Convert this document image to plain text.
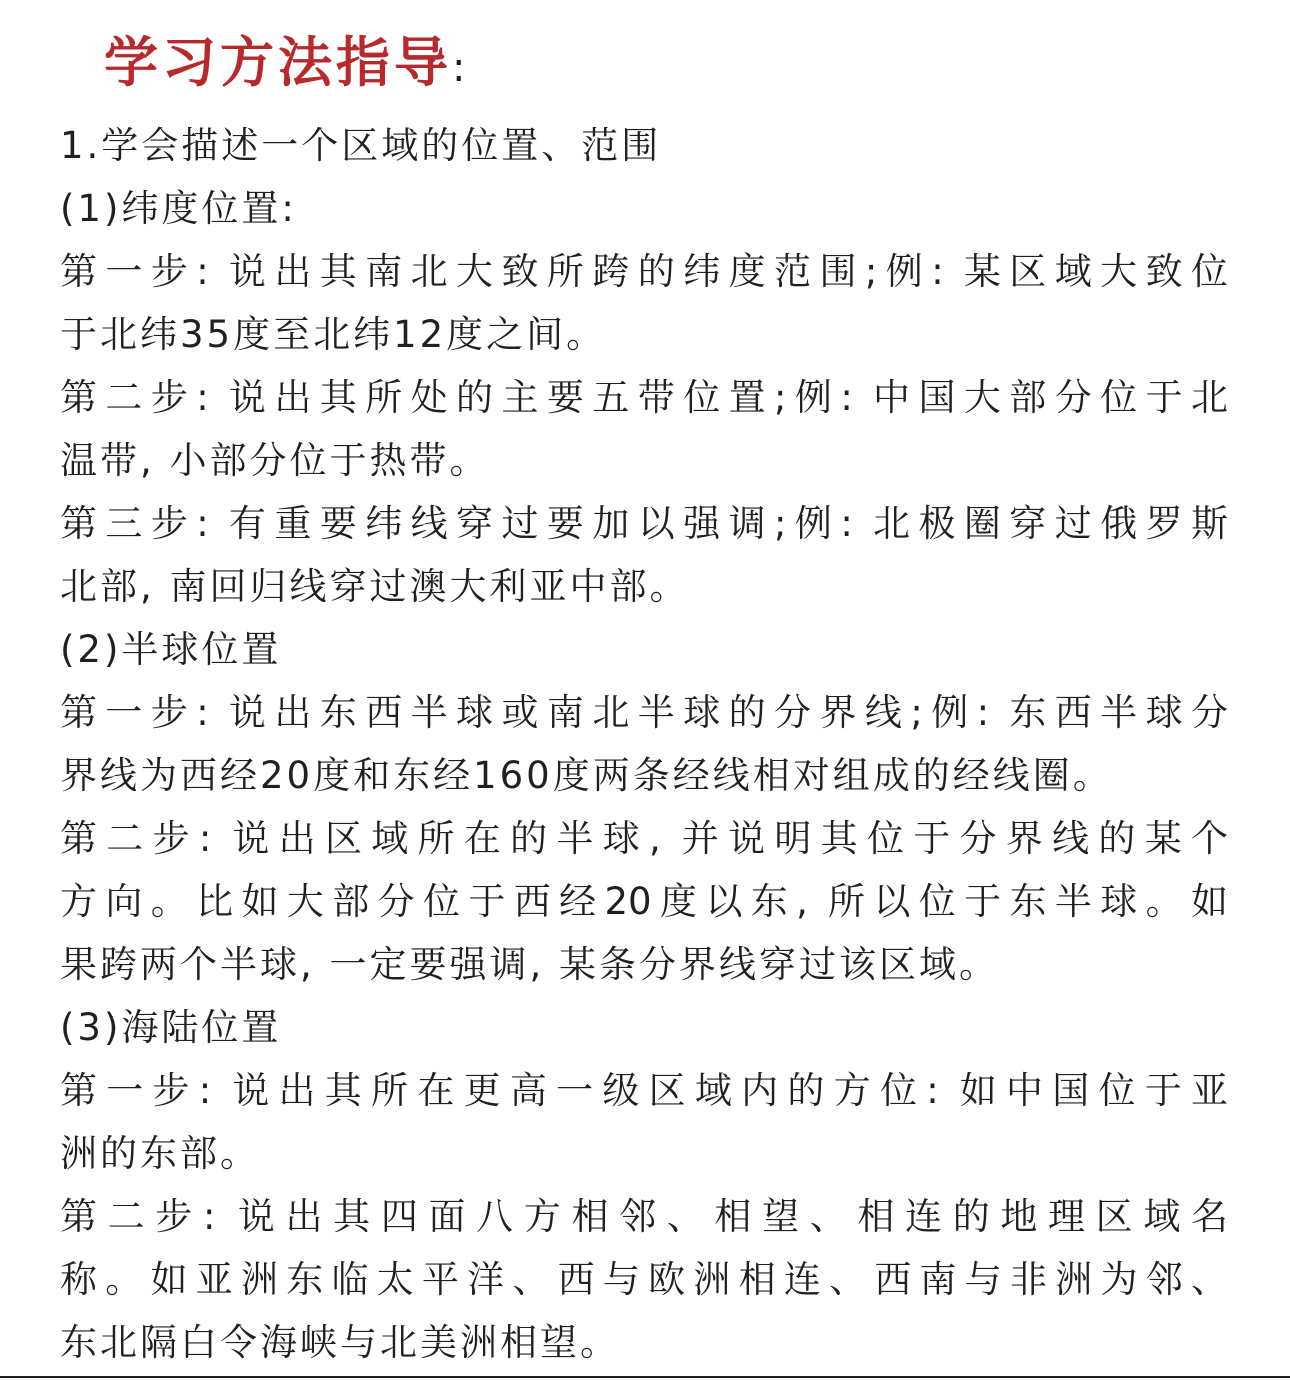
学习方法指导:
1.学会描述一个区域的位置、范围
(1)纬度位置:
第一步: 说出其南北大致所跨的纬度范围;例: 某区域大致位
于北纬35度至北纬12度之间。
第二步: 说出其所处的主要五带位置;例: 中国大部分位于北
温带, 小部分位于热带。
第三步: 有重要纬线穿过要加以强调;例: 北极圈穿过俄罗斯
北部, 南回归线穿过澳大利亚中部。
(2)半球位置
第一步: 说出东西半球或南北半球的分界线;例: 东西半球分
界线为西经20度和东经160度两条经线相对组成的经线圈。
第二步: 说出区域所在的半球, 并说明其位于分界线的某个
方向。比如大部分位于西经20度以东, 所以位于东半球。如
果跨两个半球, 一定要强调, 某条分界线穿过该区域。
(3)海陆位置
第一步: 说出其所在更高一级区域内的方位: 如中国位于亚
洲的东部。
第二步: 说出其四面八方相邻、相望、相连的地理区域名
称。如亚洲东临太平洋、西与欧洲相连、西南与非洲为邻、
东北隔白令海峡与北美洲相望。
